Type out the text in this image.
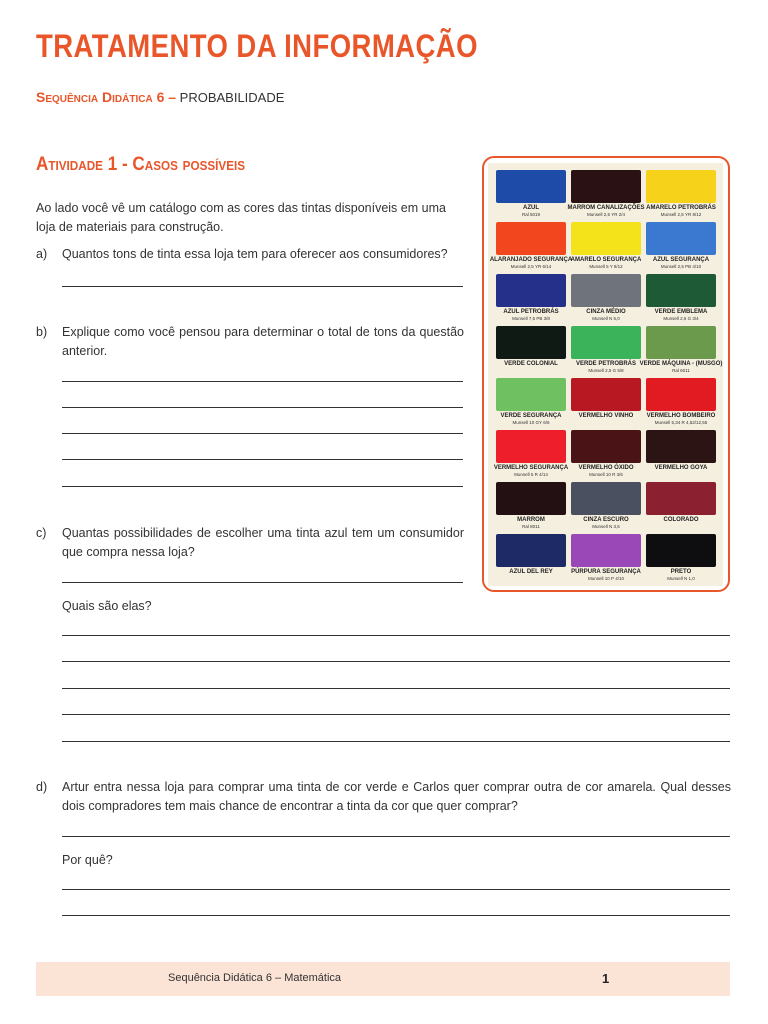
TRATAMENTO DA INFORMAÇÃO
Sequência Didática 6 – PROBABILIDADE
Atividade 1 - Casos possíveis
Ao lado você vê um catálogo com as cores das tintas disponíveis em uma loja de materiais para construção.
a) Quantos tons de tinta essa loja tem para oferecer aos consumidores?
b) Explique como você pensou para determinar o total de tons da questão anterior.
c) Quantas possibilidades de escolher uma tinta azul tem um consumidor que compra nessa loja?
Quais são elas?
d) Artur entra nessa loja para comprar uma tinta de cor verde e Carlos quer comprar outra de cor amarela. Qual desses dois compradores tem mais chance de encontrar a tinta da cor que quer comprar?
Por quê?
AZUL
Ral 5019
MARROM CANALIZAÇÕES
Munsell 2,5 YR 2/4
AMARELO PETROBRÁS
Munsell 2,5 YR 8/12
ALARANJADO SEGURANÇA
Munsell 2,5 YR 6/14
AMARELO SEGURANÇA
Munsell 5 Y 8/12
AZUL SEGURANÇA
Munsell 2,5 PB 4/10
AZUL PETROBRÁS
Munsell 7,5 PB 3/8
CINZA MÉDIO
Munsell N 5,0
VERDE EMBLEMA
Munsell 2,5 G 3/4
VERDE COLONIAL	VERDE PETROBRÁS
Munsell 2,5 G 5/8
VERDE MÁQUINA - (MUSGO)
Ral 6011
VERDE SEGURANÇA
Munsell 10 GY 6/6
VERMELHO VINHO VERMELHO BOMBEIRO
Munsell 5,34 R 4,52/12,55
VERMELHO SEGURANÇA
Munsell 5 R 4/14
VERMELHO ÓXIDO
Munsell 10 R 3/6
VERMELHO GOYA
MARROM
Ral 8011
CINZA ESCURO
Munsell N 3,5
COLORADO
AZUL DEL REY	PÚRPURA SEGURANÇA
Munsell 10 P 4/10
PRETO
Munsell N 1,0
Sequência Didática 6 – Matemática	1
